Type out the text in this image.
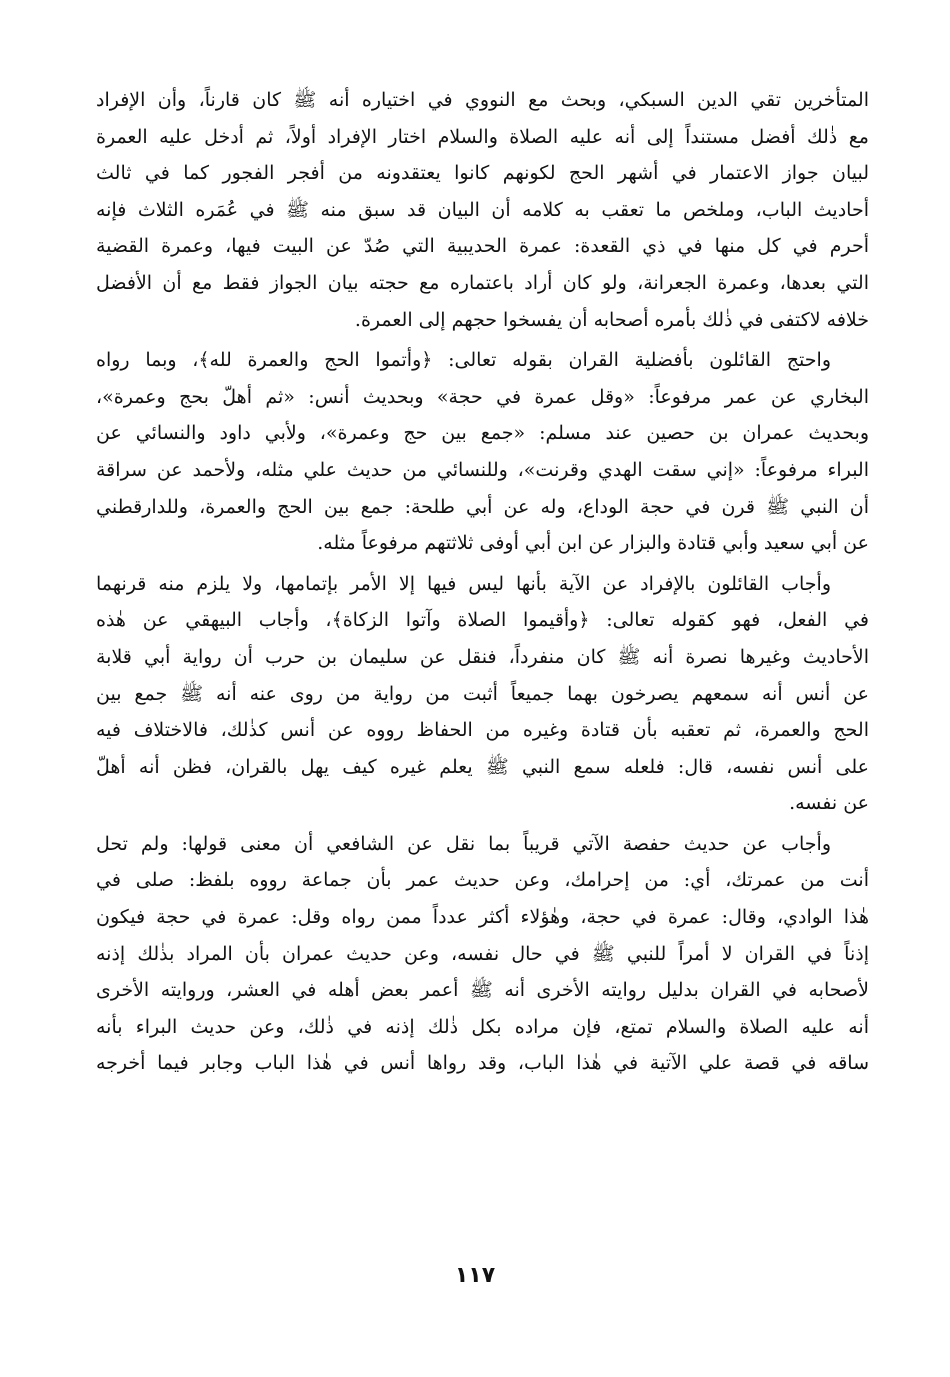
المتأخرين تقي الدين السبكي، وبحث مع النووي في اختياره أنه ﷺ كان قارناً، وأن الإفراد
مع ذٰلك أفضل مستنداً إلى أنه عليه الصلاة والسلام اختار الإفراد أولاً، ثم أدخل عليه العمرة
لبيان جواز الاعتمار في أشهر الحج لكونهم كانوا يعتقدونه من أفجر الفجور كما في ثالث
أحاديث الباب، وملخص ما تعقب به كلامه أن البيان قد سبق منه ﷺ في عُمَره الثلاث فإنه
أحرم في كل منها في ذي القعدة: عمرة الحديبية التي صُدّ عن البيت فيها، وعمرة القضية
التي بعدها، وعمرة الجعرانة، ولو كان أراد باعتماره مع حجته بيان الجواز فقط مع أن الأفضل
خلافه لاكتفى في ذٰلك بأمره أصحابه أن يفسخوا حجهم إلى العمرة.

واحتج القائلون بأفضلية القران بقوله تعالى: ﴿وأتموا الحج والعمرة لله﴾، وبما رواه
البخاري عن عمر مرفوعاً: «وقل عمرة في حجة» وبحديث أنس: «ثم أهلّ بحج وعمرة»،
وبحديث عمران بن حصين عند مسلم: «جمع بين حج وعمرة»، ولأبي داود والنسائي عن
البراء مرفوعاً: «إني سقت الهدي وقرنت»، وللنسائي من حديث علي مثله، ولأحمد عن سراقة
أن النبي ﷺ قرن في حجة الوداع، وله عن أبي طلحة: جمع بين الحج والعمرة، وللدارقطني
عن أبي سعيد وأبي قتادة والبزار عن ابن أبي أوفى ثلاثتهم مرفوعاً مثله.

وأجاب القائلون بالإفراد عن الآية بأنها ليس فيها إلا الأمر بإتمامها، ولا يلزم منه قرنهما
في الفعل، فهو كقوله تعالى: ﴿وأقيموا الصلاة وآتوا الزكاة﴾، وأجاب البيهقي عن هٰذه
الأحاديث وغيرها نصرة أنه ﷺ كان منفرداً، فنقل عن سليمان بن حرب أن رواية أبي قلابة
عن أنس أنه سمعهم يصرخون بهما جميعاً أثبت من رواية من روى عنه أنه ﷺ جمع بين
الحج والعمرة، ثم تعقبه بأن قتادة وغيره من الحفاظ رووه عن أنس كذٰلك، فالاختلاف فيه
على أنس نفسه، قال: فلعله سمع النبي ﷺ يعلم غيره كيف يهل بالقران، فظن أنه أهلّ
عن نفسه.

وأجاب عن حديث حفصة الآتي قريباً بما نقل عن الشافعي أن معنى قولها: ولم تحل
أنت من عمرتك، أي: من إحرامك، وعن حديث عمر بأن جماعة رووه بلفظ: صلى في
هٰذا الوادي، وقال: عمرة في حجة، وهٰؤلاء أكثر عدداً ممن رواه وقل: عمرة في حجة فيكون
إذناً في القران لا أمراً للنبي ﷺ في حال نفسه، وعن حديث عمران بأن المراد بذٰلك إذنه
لأصحابه في القران بدليل روايته الأخرى أنه ﷺ أعمر بعض أهله في العشر، وروايته الأخرى
أنه عليه الصلاة والسلام تمتع، فإن مراده بكل ذٰلك إذنه في ذٰلك، وعن حديث البراء بأنه
ساقه في قصة علي الآتية في هٰذا الباب، وقد رواها أنس في هٰذا الباب وجابر فيما أخرجه

١١٧
